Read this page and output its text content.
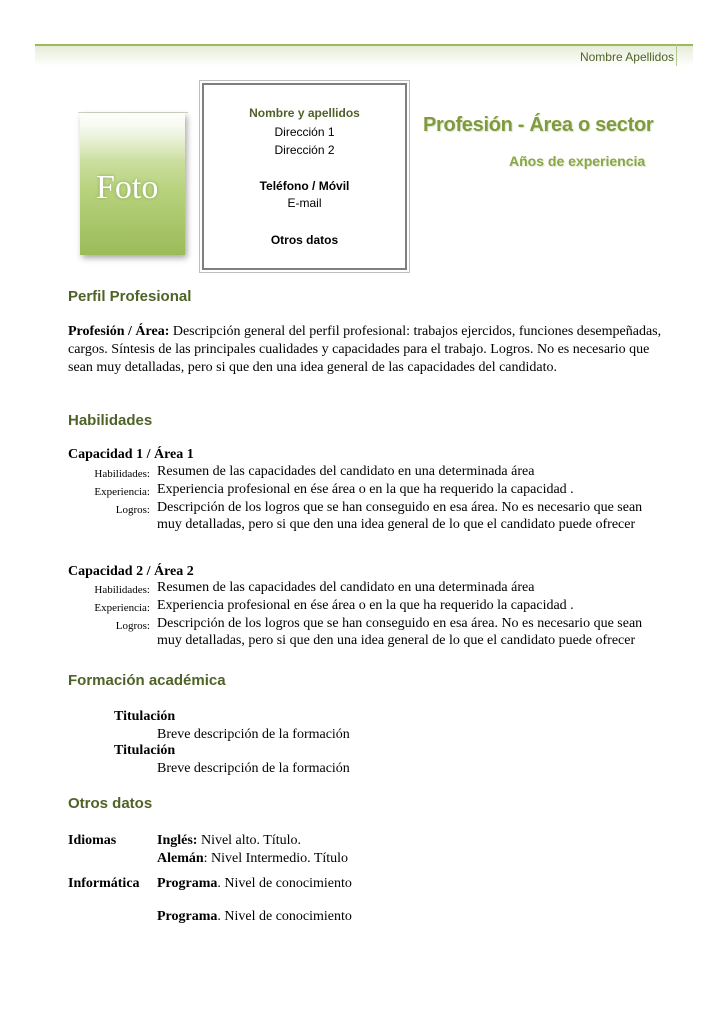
Nombre Apellidos
Foto
Nombre y apellidos
Dirección 1
Dirección 2
Teléfono / Móvil
E-mail
Otros datos
Profesión - Área o sector
Años de experiencia
Perfil Profesional
Profesión / Área: Descripción general del perfil profesional: trabajos ejercidos, funciones desempeñadas, cargos. Síntesis de las principales cualidades y capacidades para el trabajo. Logros. No es necesario que sean muy detalladas, pero si que den una idea general de las capacidades del candidato.
Habilidades
Capacidad 1 / Área 1
Habilidades: Resumen de las capacidades del candidato en una determinada área
Experiencia: Experiencia profesional en ése área o en la que ha requerido la capacidad .
Logros: Descripción de los logros que se han conseguido en esa área. No es necesario que sean muy detalladas, pero si que den una idea general de lo que el candidato puede ofrecer
Capacidad 2 / Área 2
Habilidades: Resumen de las capacidades del candidato en una determinada área
Experiencia: Experiencia profesional en ése área o en la que ha requerido la capacidad .
Logros: Descripción de los logros que se han conseguido en esa área. No es necesario que sean muy detalladas, pero si que den una idea general de lo que el candidato puede ofrecer
Formación académica
Titulación
Breve descripción de la formación
Titulación
Breve descripción de la formación
Otros datos
Idiomas	Inglés: Nivel alto. Título.
Alemán: Nivel Intermedio. Título
Informática Programa. Nivel de conocimiento
Programa. Nivel de conocimiento
